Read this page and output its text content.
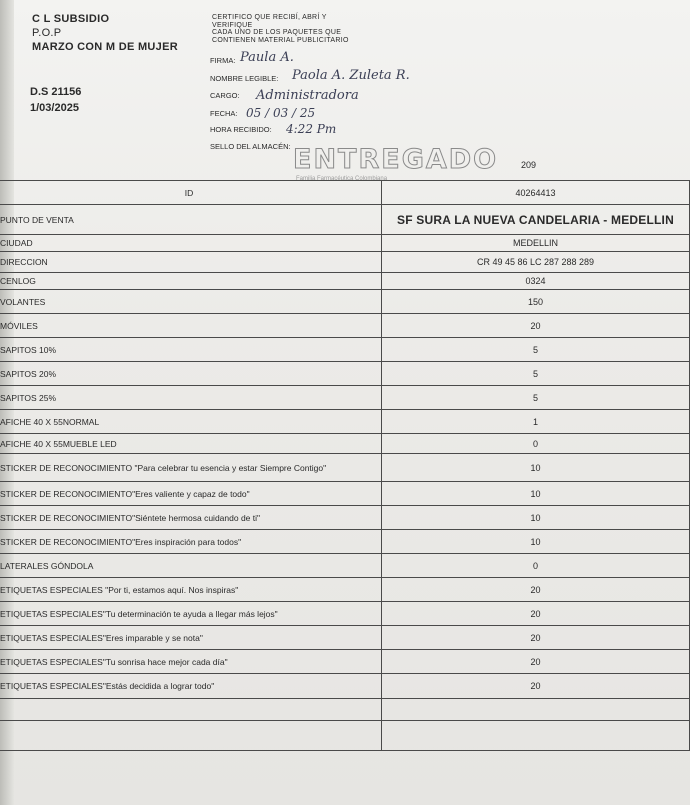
C L SUBSIDIO
P.O.P
MARZO CON M DE MUJER
D.S 21156
1/03/2025
CERTIFICO QUE RECIBÍ, ABRÍ Y
VERIFIQUE
CADA UNO DE LOS PAQUETES QUE
CONTIENEN MATERIAL PUBLICITARIO
FIRMA:
NOMBRE LEGIBLE:
CARGO:
FECHA:
HORA RECIBIDO:
SELLO DEL ALMACÉN:
Paula A.
Paola A. Zuleta R.
Administradora
05 / 03 / 25
4:22 Pm
ENTREGADO
Familia Farmacéutica Colombiana
209
ID	40264413
PUNTO DE VENTA	SF SURA LA NUEVA CANDELARIA - MEDELLIN
CIUDAD	MEDELLIN
DIRECCION	CR 49 45 86 LC 287 288 289
CENLOG	0324
VOLANTES	150
MÓVILES	20
SAPITOS 10%	5
SAPITOS 20%	5
SAPITOS 25%	5
AFICHE 40 X 55NORMAL	1
AFICHE 40 X 55MUEBLE LED	0
STICKER DE RECONOCIMIENTO "Para celebrar tu esencia y estar Siempre Contigo"	10
STICKER DE RECONOCIMIENTO"Eres valiente y capaz de todo"	10
STICKER DE RECONOCIMIENTO"Siéntete hermosa cuidando de ti"	10
STICKER DE RECONOCIMIENTO"Eres inspiración para todos"	10
LATERALES GÓNDOLA	0
ETIQUETAS ESPECIALES "Por ti, estamos aquí. Nos inspiras"	20
ETIQUETAS ESPECIALES"Tu determinación te ayuda a llegar más lejos"	20
ETIQUETAS ESPECIALES"Eres imparable y se nota"	20
ETIQUETAS ESPECIALES"Tu sonrisa hace mejor cada día"	20
ETIQUETAS ESPECIALES"Estás decidida a lograr todo"	20
